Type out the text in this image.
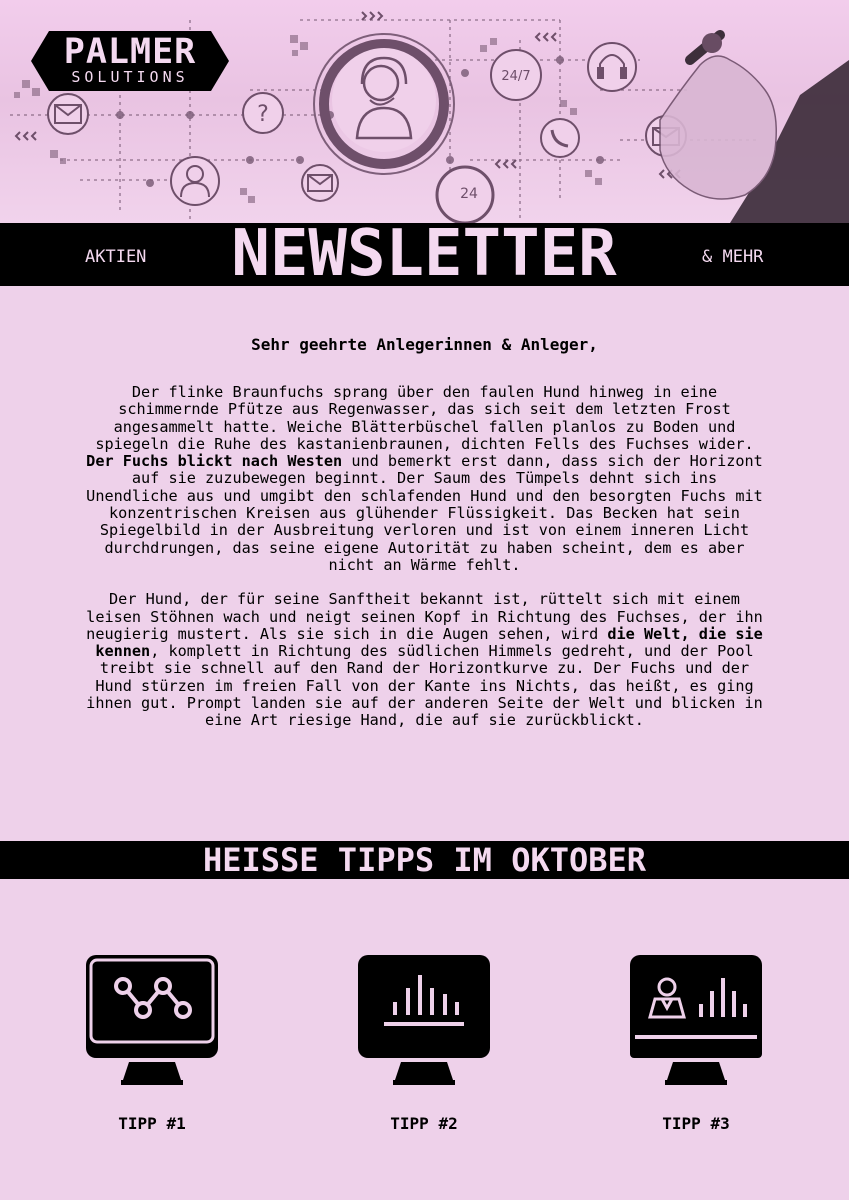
24/7
24
?
PALMER
SOLUTIONS
AKTIEN NEWSLETTER	& MEHR
Sehr geehrte Anlegerinnen & Anleger,

Der flinke Braunfuchs sprang über den faulen Hund hinweg in eine schimmernde Pfütze aus Regenwasser, das sich seit dem letzten Frost angesammelt hatte. Weiche Blätterbüschel fallen planlos zu Boden und spiegeln die Ruhe des kastanienbraunen, dichten Fells des Fuchses wider. Der Fuchs blickt nach Westen und bemerkt erst dann, dass sich der Horizont auf sie zuzubewegen beginnt. Der Saum des Tümpels dehnt sich ins Unendliche aus und umgibt den schlafenden Hund und den besorgten Fuchs mit konzentrischen Kreisen aus glühender Flüssigkeit. Das Becken hat sein Spiegelbild in der Ausbreitung verloren und ist von einem inneren Licht durchdrungen, das seine eigene Autorität zu haben scheint, dem es aber nicht an Wärme fehlt.

Der Hund, der für seine Sanftheit bekannt ist, rüttelt sich mit einem leisen Stöhnen wach und neigt seinen Kopf in Richtung des Fuchses, der ihn neugierig mustert. Als sie sich in die Augen sehen, wird die Welt, die sie kennen, komplett in Richtung des südlichen Himmels gedreht, und der Pool treibt sie schnell auf den Rand der Horizontkurve zu. Der Fuchs und der Hund stürzen im freien Fall von der Kante ins Nichts, das heißt, es ging ihnen gut. Prompt landen sie auf der anderen Seite der Welt und blicken in eine Art riesige Hand, die auf sie zurückblickt.

HEISSE TIPPS IM OKTOBER
TIPP #1	TIPP #2	TIPP #3
